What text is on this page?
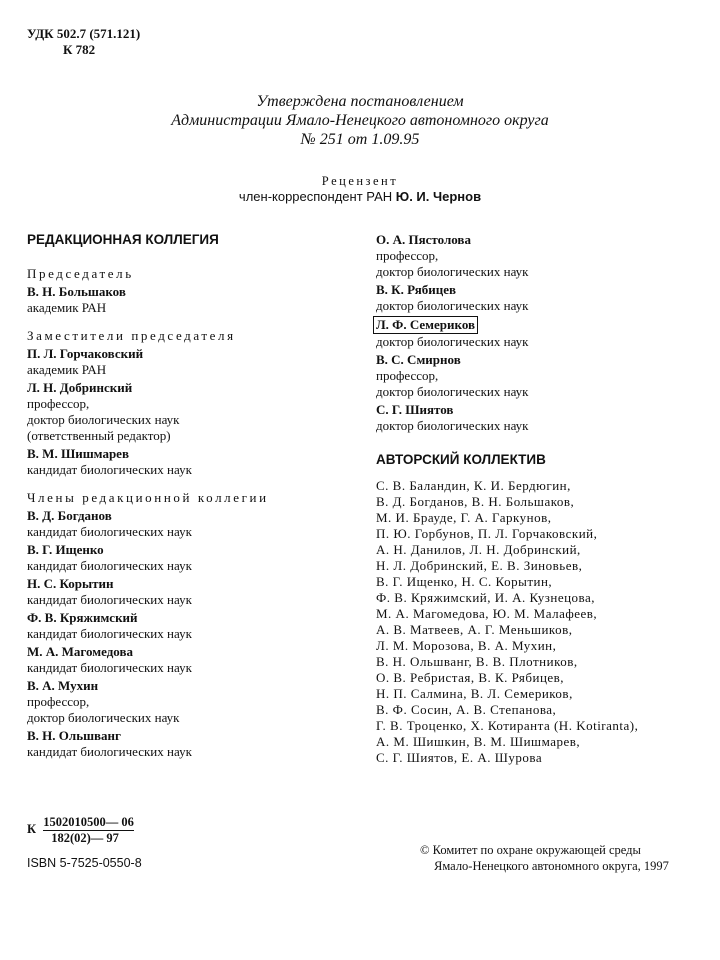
УДК 502.7 (571.121)
К 782
Утверждена постановлением
Администрации Ямало-Ненецкого автономного округа
№ 251 от 1.09.95
Рецензент
член-корреспондент РАН Ю. И. Чернов
РЕДАКЦИОННАЯ КОЛЛЕГИЯ
Председатель
В. Н. Большаков
академик РАН
Заместители председателя
П. Л. Горчаковский
академик РАН
Л. Н. Добринский
профессор,
доктор биологических наук
(ответственный редактор)
В. М. Шишмарев
кандидат биологических наук
Члены редакционной коллегии
В. Д. Богданов
кандидат биологических наук
В. Г. Ищенко
кандидат биологических наук
Н. С. Корытин
кандидат биологических наук
Ф. В. Кряжимский
кандидат биологических наук
М. А. Магомедова
кандидат биологических наук
В. А. Мухин
профессор,
доктор биологических наук
В. Н. Ольшванг
кандидат биологических наук
О. А. Пястолова
профессор,
доктор биологических наук
В. К. Рябицев
доктор биологических наук
Л. Ф. Семериков
доктор биологических наук
В. С. Смирнов
профессор,
доктор биологических наук
С. Г. Шиятов
доктор биологических наук
АВТОРСКИЙ КОЛЛЕКТИВ
С. В. Баландин, К. И. Бердюгин,
В. Д. Богданов, В. Н. Большаков,
М. И. Брауде, Г. А. Гаркунов,
П. Ю. Горбунов, П. Л. Горчаковский,
А. Н. Данилов, Л. Н. Добринский,
Н. Л. Добринский, Е. В. Зиновьев,
В. Г. Ищенко, Н. С. Корытин,
Ф. В. Кряжимский, И. А. Кузнецова,
М. А. Магомедова, Ю. М. Малафеев,
А. В. Матвеев, А. Г. Меньшиков,
Л. М. Морозова, В. А. Мухин,
В. Н. Ольшванг, В. В. Плотников,
О. В. Ребристая, В. К. Рябицев,
Н. П. Салмина, В. Л. Семериков,
В. Ф. Сосин, А. В. Степанова,
Г. В. Троценко, Х. Котиранта (H. Kotiranta),
А. М. Шишкин, В. М. Шишмарев,
С. Г. Шиятов, Е. А. Шурова
К $\frac{1502010500— 06}{182(02)— 97}$
ISBN 5-7525-0550-8
© Комитет по охране окружающей среды
Ямало-Ненецкого автономного округа, 1997
